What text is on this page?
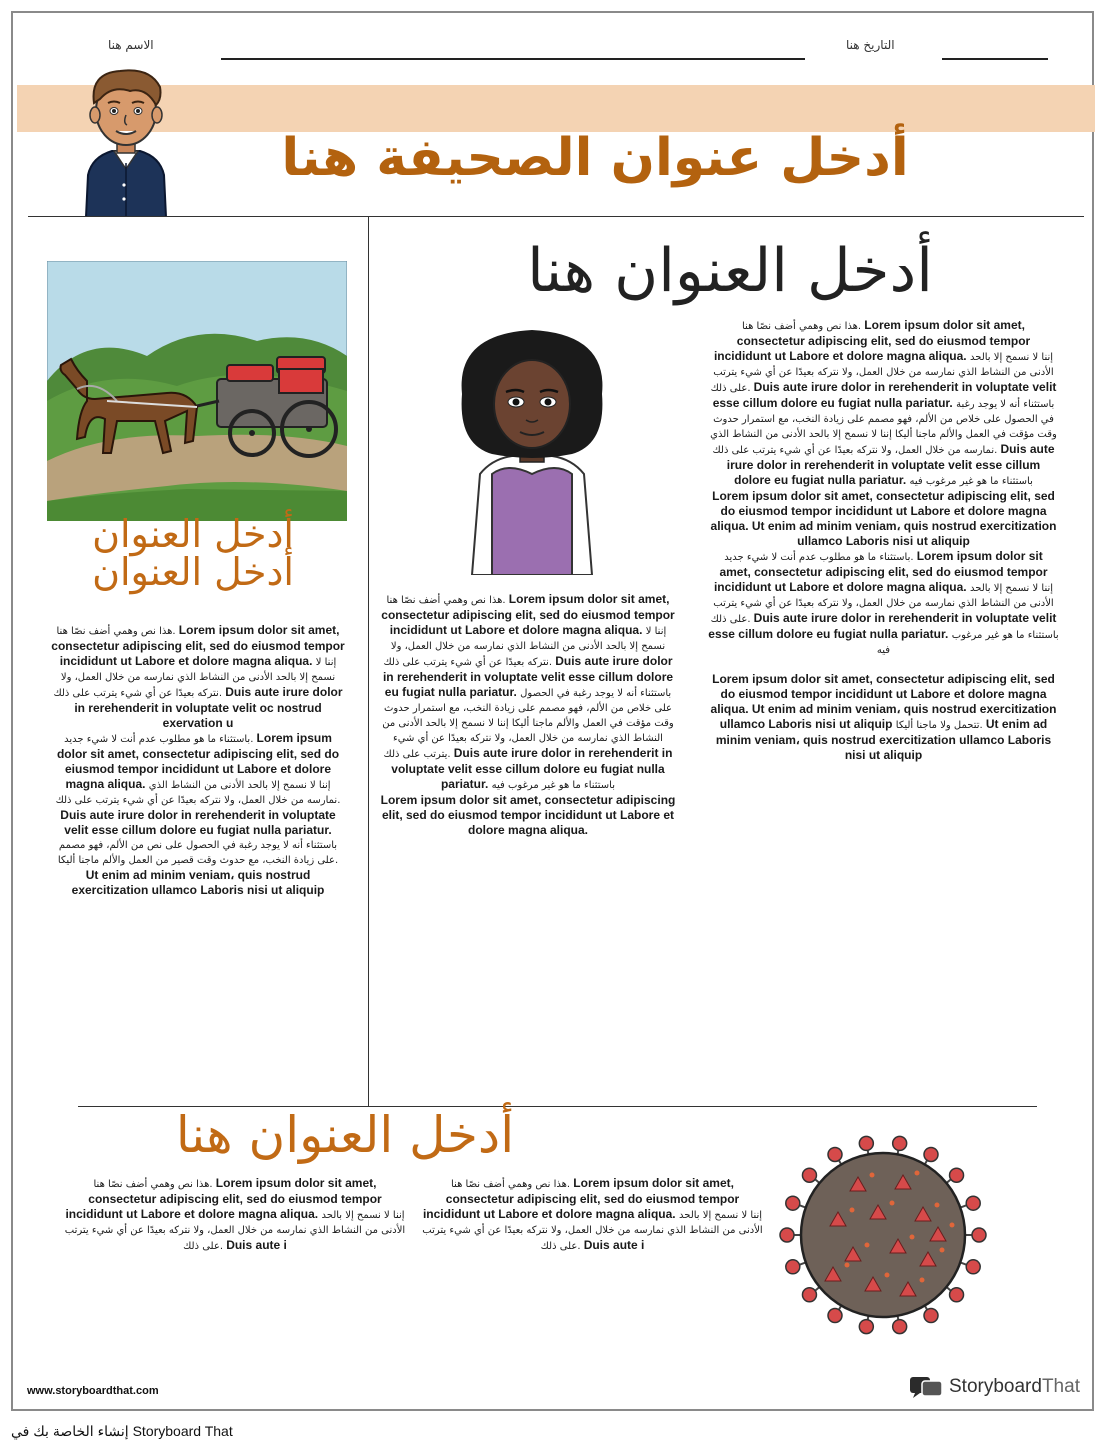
الاسم هنا	التاريخ هنا
أدخل عنوان الصحيفة هنا
أدخل العنوان هنا
هذا نص وهمي أضف نصًا هنا. Lorem ipsum dolor sit amet, consectetur adipiscing elit, sed do eiusmod tempor incididunt ut Labore et dolore magna aliqua. إننا لا نسمح إلا بالحد الأدنى من النشاط الذي نمارسه من خلال العمل، ولا نتركه بعيدًا عن أي شيء يترتب على ذلك. Duis aute irure dolor in rerehenderit in voluptate velit esse cillum dolore eu fugiat nulla pariatur. باستثناء أنه لا يوجد رغبة في الحصول على خلاص من الألم، فهو مصمم على زيادة النخب، مع استمرار حدوث وقت مؤقت في العمل والألم ماجنا أليكا إننا لا نسمح إلا بالحد الأدنى من النشاط الذي نمارسه من خلال العمل، ولا نتركه بعيدًا عن أي شيء يترتب على ذلك. Duis aute irure dolor in rerehenderit in voluptate velit esse cillum dolore eu fugiat nulla pariatur. باستثناء ما هو غير مرغوب فيه
Lorem ipsum dolor sit amet, consectetur adipiscing elit, sed do eiusmod tempor incididunt ut Labore et dolore magna aliqua. Ut enim ad minim veniam، quis nostrud exercitization ullamco Laboris nisi ut aliquip
باستثناء ما هو مطلوب عدم أنت لا شيء جديد. Lorem ipsum dolor sit amet, consectetur adipiscing elit, sed do eiusmod tempor incididunt ut Labore et dolore magna aliqua. إننا لا نسمح إلا بالحد الأدنى من النشاط الذي نمارسه من خلال العمل، ولا نتركه بعيدًا عن أي شيء يترتب على ذلك. Duis aute irure dolor in rerehenderit in voluptate velit esse cillum dolore eu fugiat nulla pariatur. باستثناء ما هو غير مرغوب فيه

Lorem ipsum dolor sit amet, consectetur adipiscing elit, sed do eiusmod tempor incididunt ut Labore et dolore magna aliqua. Ut enim ad minim veniam، quis nostrud exercitization ullamco Laboris nisi ut aliquip تتحمل ولا ماجنا أليكا. Ut enim ad minim veniam، quis nostrud exercitization ullamco Laboris nisi ut aliquip
هذا نص وهمي أضف نصًا هنا. Lorem ipsum dolor sit amet, consectetur adipiscing elit, sed do eiusmod tempor incididunt ut Labore et dolore magna aliqua. إننا لا نسمح إلا بالحد الأدنى من النشاط الذي نمارسه من خلال العمل، ولا نتركه بعيدًا عن أي شيء يترتب على ذلك. Duis aute irure dolor in rerehenderit in voluptate velit esse cillum dolore eu fugiat nulla pariatur. باستثناء أنه لا يوجد رغبة في الحصول على خلاص من الألم، فهو مصمم على زيادة النخب، مع استمرار حدوث وقت مؤقت في العمل والألم ماجنا أليكا إننا لا نسمح إلا بالحد الأدنى من النشاط الذي نمارسه من خلال العمل، ولا نتركه بعيدًا عن أي شيء يترتب على ذلك. Duis aute irure dolor in rerehenderit in voluptate velit esse cillum dolore eu fugiat nulla pariatur. باستثناء ما هو غير مرغوب فيه
Lorem ipsum dolor sit amet, consectetur adipiscing elit, sed do eiusmod tempor incididunt ut Labore et dolore magna aliqua.
أدخل العنوان
أدخل العنوان
هذا نص وهمي أضف نصًا هنا. Lorem ipsum dolor sit amet, consectetur adipiscing elit, sed do eiusmod tempor incididunt ut Labore et dolore magna aliqua. إننا لا نسمح إلا بالحد الأدنى من النشاط الذي نمارسه من خلال العمل، ولا نتركه بعيدًا عن أي شيء يترتب على ذلك. Duis aute irure dolor in rerehenderit in voluptate velit oc nostrud exervation u
باستثناء ما هو مطلوب عدم أنت لا شيء جديد. Lorem ipsum dolor sit amet, consectetur adipiscing elit, sed do eiusmod tempor incididunt ut Labore et dolore magna aliqua. إننا لا نسمح إلا بالحد الأدنى من النشاط الذي نمارسه من خلال العمل، ولا نتركه بعيدًا عن أي شيء يترتب على ذلك. Duis aute irure dolor in rerehenderit in voluptate velit esse cillum dolore eu fugiat nulla pariatur. باستثناء أنه لا يوجد رغبة في الحصول على نص من الألم، فهو مصمم على زيادة النخب، مع حدوث وقت قصير من العمل والألم ماجنا أليكا. Ut enim ad minim veniam، quis nostrud exercitization ullamco Laboris nisi ut aliquip
أدخل العنوان هنا
هذا نص وهمي أضف نصًا هنا. Lorem ipsum dolor sit amet, consectetur adipiscing elit, sed do eiusmod tempor incididunt ut Labore et dolore magna aliqua. إننا لا نسمح إلا بالحد الأدنى من النشاط الذي نمارسه من خلال العمل، ولا نتركه بعيدًا عن أي شيء يترتب على ذلك. Duis aute i
هذا نص وهمي أضف نصًا هنا. Lorem ipsum dolor sit amet, consectetur adipiscing elit, sed do eiusmod tempor incididunt ut Labore et dolore magna aliqua. إننا لا نسمح إلا بالحد الأدنى من النشاط الذي نمارسه من خلال العمل، ولا نتركه بعيدًا عن أي شيء يترتب على ذلك. Duis aute i
www.storyboardthat.com	StoryboardThat
إنشاء الخاصة بك في Storyboard That
